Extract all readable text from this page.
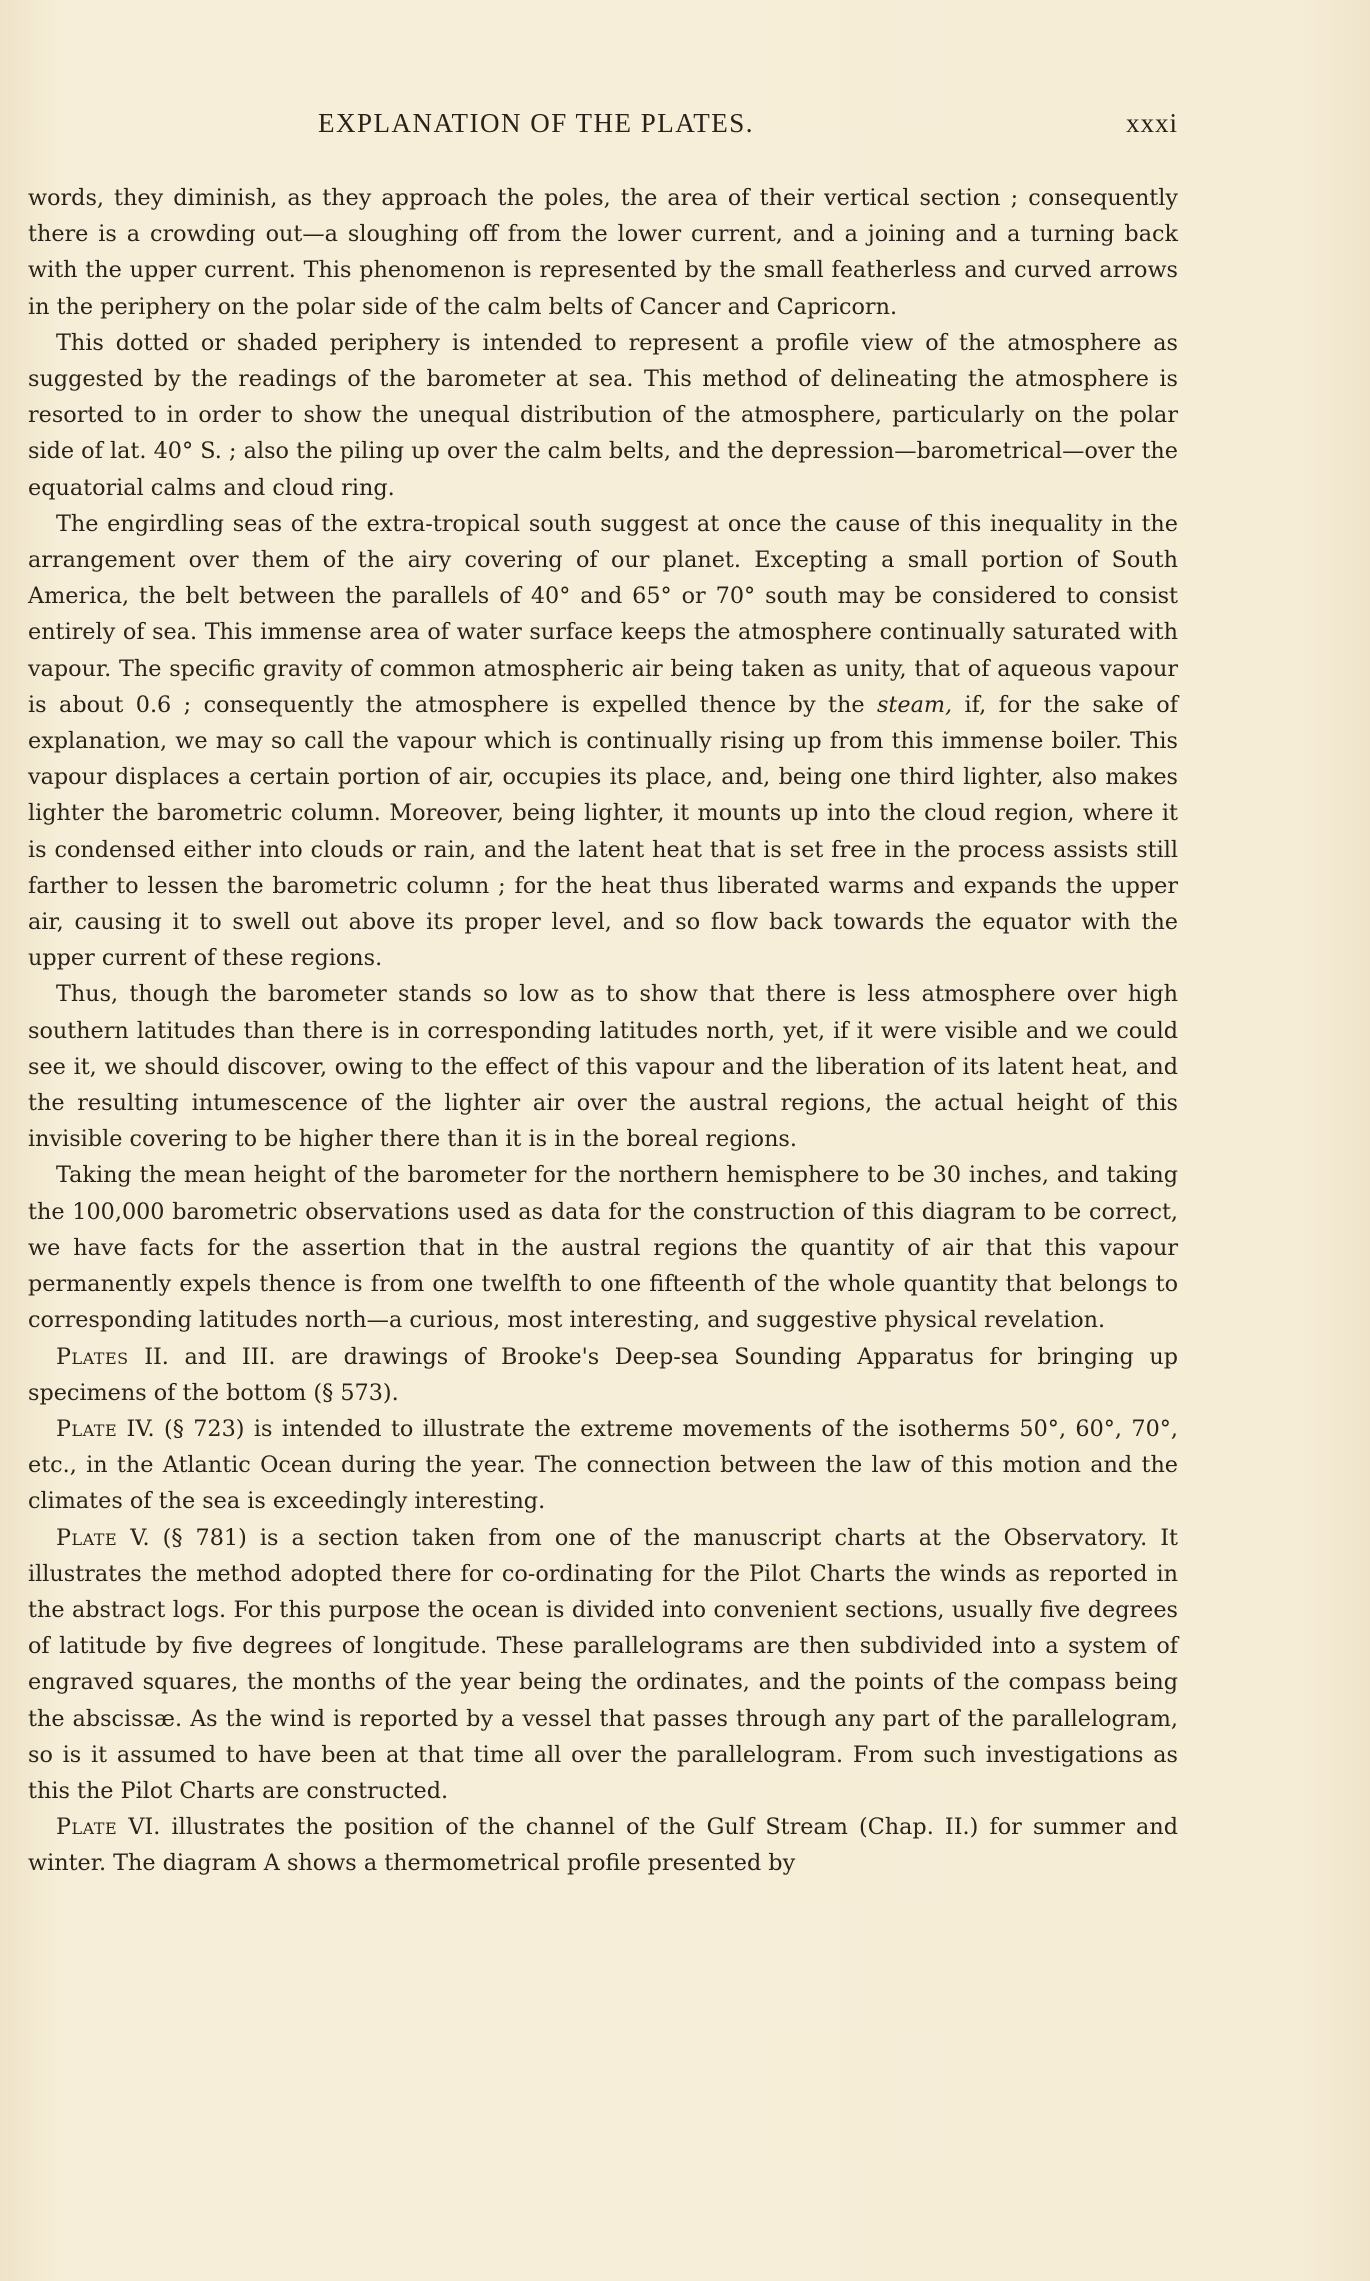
EXPLANATION OF THE PLATES.	xxxi

words, they diminish, as they approach the poles, the area of their vertical section ; consequently there is a crowding out—a sloughing off from the lower current, and a joining and a turning back with the upper current. This phenomenon is represented by the small featherless and curved arrows in the periphery on the polar side of the calm belts of Cancer and Capricorn.

This dotted or shaded periphery is intended to represent a profile view of the atmosphere as suggested by the readings of the barometer at sea. This method of delineating the atmosphere is resorted to in order to show the unequal distribution of the atmosphere, particularly on the polar side of lat. 40° S. ; also the piling up over the calm belts, and the depression—barometrical—over the equatorial calms and cloud ring.

The engirdling seas of the extra-tropical south suggest at once the cause of this inequality in the arrangement over them of the airy covering of our planet. Excepting a small portion of South America, the belt between the parallels of 40° and 65° or 70° south may be considered to consist entirely of sea. This immense area of water surface keeps the atmosphere continually saturated with vapour. The specific gravity of common atmospheric air being taken as unity, that of aqueous vapour is about 0.6 ; consequently the atmosphere is expelled thence by the steam, if, for the sake of explanation, we may so call the vapour which is continually rising up from this immense boiler. This vapour displaces a certain portion of air, occupies its place, and, being one third lighter, also makes lighter the barometric column. Moreover, being lighter, it mounts up into the cloud region, where it is condensed either into clouds or rain, and the latent heat that is set free in the process assists still farther to lessen the barometric column ; for the heat thus liberated warms and expands the upper air, causing it to swell out above its proper level, and so flow back towards the equator with the upper current of these regions.

Thus, though the barometer stands so low as to show that there is less atmosphere over high southern latitudes than there is in corresponding latitudes north, yet, if it were visible and we could see it, we should discover, owing to the effect of this vapour and the liberation of its latent heat, and the resulting intumescence of the lighter air over the austral regions, the actual height of this invisible covering to be higher there than it is in the boreal regions.

Taking the mean height of the barometer for the northern hemisphere to be 30 inches, and taking the 100,000 barometric observations used as data for the construction of this diagram to be correct, we have facts for the assertion that in the austral regions the quantity of air that this vapour permanently expels thence is from one twelfth to one fifteenth of the whole quantity that belongs to corresponding latitudes north—a curious, most interesting, and suggestive physical revelation.

Plates II. and III. are drawings of Brooke's Deep-sea Sounding Apparatus for bringing up specimens of the bottom (§ 573).

Plate IV. (§ 723) is intended to illustrate the extreme movements of the isotherms 50°, 60°, 70°, etc., in the Atlantic Ocean during the year. The connection between the law of this motion and the climates of the sea is exceedingly interesting.

Plate V. (§ 781) is a section taken from one of the manuscript charts at the Observatory. It illustrates the method adopted there for co-ordinating for the Pilot Charts the winds as reported in the abstract logs. For this purpose the ocean is divided into convenient sections, usually five degrees of latitude by five degrees of longitude. These parallelograms are then subdivided into a system of engraved squares, the months of the year being the ordinates, and the points of the compass being the abscissæ. As the wind is reported by a vessel that passes through any part of the parallelogram, so is it assumed to have been at that time all over the parallelogram. From such investigations as this the Pilot Charts are constructed.

Plate VI. illustrates the position of the channel of the Gulf Stream (Chap. II.) for summer and winter. The diagram A shows a thermometrical profile presented by
